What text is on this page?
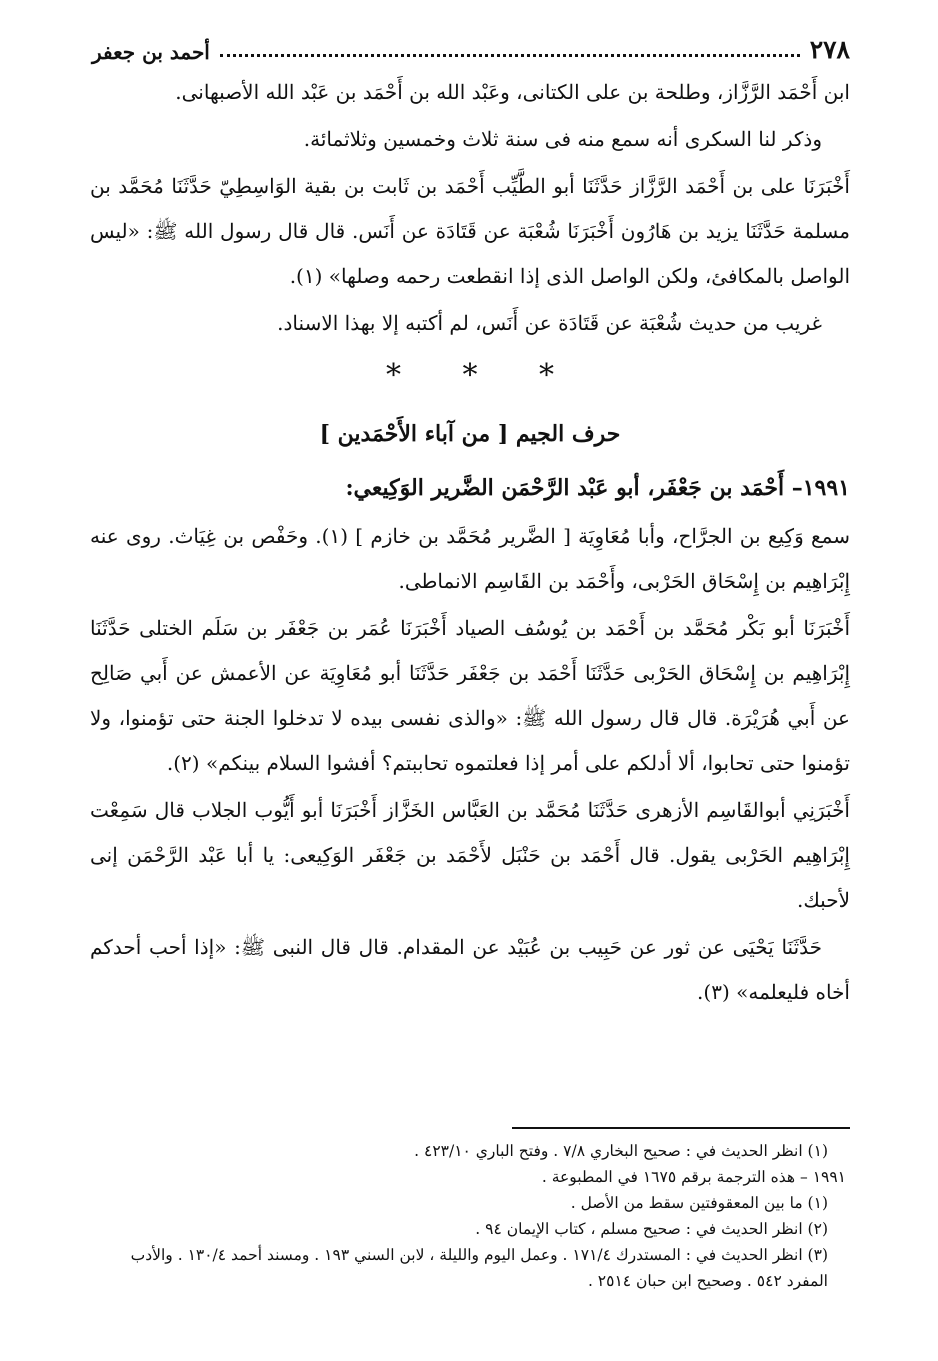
٢٧٨
أحمد بن جعفر

ابن أَحْمَد الرَّزَّاز، وطلحة بن على الكتانى، وعَبْد الله بن أَحْمَد بن عَبْد الله الأصبهانى.

وذكر لنا السكرى أنه سمع منه فى سنة ثلاث وخمسين وثلاثمائة.

أَخْبَرَنَا على بن أَحْمَد الرَّزَّاز حَدَّثَنَا أبو الطَّيِّب أَحْمَد بن ثَابت بن بقية الوَاسِطِيّ حَدَّثَنَا مُحَمَّد بن مسلمة حَدَّثَنَا يزيد بن هَارُون أَخْبَرَنَا شُعْبَة عن قَتَادَة عن أَنَس. قال قال رسول الله ﷺ: «ليس الواصل بالمكافئ، ولكن الواصل الذى إذا انقطعت رحمه وصلها» (١).

غريب من حديث شُعْبَة عن قَتَادَة عن أَنَس، لم أكتبه إلا بهذا الاسناد.

* * *

حرف الجيم [ من آباء الأَحْمَدين ]
١٩٩١– أَحْمَد بن جَعْفَر، أبو عَبْد الرَّحْمَن الضَّرير الوَكِيعي:

سمع وَكِيع بن الجرَّاح، وأبا مُعَاوِيَة [ الضَّرير مُحَمَّد بن خازم ] (١). وحَفْص بن غِيَاث. روى عنه إِبْرَاهِيم بن إِسْحَاق الحَرْبى، وأَحْمَد بن القَاسِم الانماطى.

أَخْبَرَنَا أبو بَكْر مُحَمَّد بن أَحْمَد بن يُوسُف الصياد أَخْبَرَنَا عُمَر بن جَعْفَر بن سَلَم الختلى حَدَّثَنَا إِبْرَاهِيم بن إِسْحَاق الحَرْبى حَدَّثَنَا أَحْمَد بن جَعْفَر حَدَّثَنَا أبو مُعَاوِيَة عن الأعمش عن أَبي صَالِح عن أَبي هُرَيْرَة. قال قال رسول الله ﷺ: «والذى نفسى بيده لا تدخلوا الجنة حتى تؤمنوا، ولا تؤمنوا حتى تحابوا، ألا أدلكم على أمر إذا فعلتموه تحاببتم؟ أفشوا السلام بينكم» (٢).

أَخْبَرَنِي أبوالقَاسِم الأزهرى حَدَّثَنَا مُحَمَّد بن العَبَّاس الخَزَّاز أَخْبَرَنَا أبو أَيُّوب الجلاب قال سَمِعْت إِبْرَاهِيم الحَرْبى يقول. قال أَحْمَد بن حَنْبَل لأَحْمَد بن جَعْفَر الوَكِيعى: يا أبا عَبْد الرَّحْمَن إنى لأحبك.

حَدَّثَنَا يَحْيَى عن ثور عن حَبِيب بن عُبَيْد عن المقدام. قال قال النبى ﷺ: «إذا أحب أحدكم أخاه فليعلمه» (٣).

(١) انظر الحديث في : صحيح البخاري ٧/٨ . وفتح الباري ٤٢٣/١٠ .

١٩٩١ – هذه الترجمة برقم ١٦٧٥ في المطبوعة .

(١) ما بين المعقوفتين سقط من الأصل .

(٢) انظر الحديث في : صحيح مسلم ، كتاب الإيمان ٩٤ .

(٣) انظر الحديث في : المستدرك ١٧١/٤ . وعمل اليوم والليلة ، لابن السني ١٩٣ . ومسند أحمد ١٣٠/٤ . والأدب المفرد ٥٤٢ . وصحيح ابن حبان ٢٥١٤ .
